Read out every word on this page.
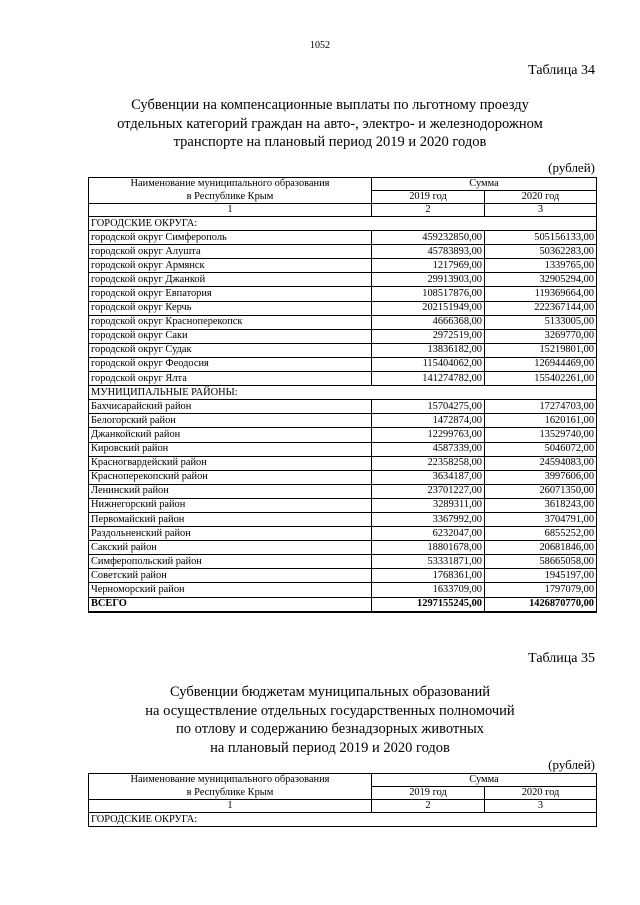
1052
Таблица 34
Субвенции на компенсационные выплаты по льготному проезду
отдельных категорий граждан на авто-, электро- и железнодорожном
транспорте на плановый период 2019 и 2020 годов
(рублей)
Наименование муниципального образования
в Республике Крым	Сумма	
	2019 год	2020 год
1	2	3
ГОРОДСКИЕ ОКРУГА:		
городской округ Симферополь	459232850,00	505156133,00
городской округ Алушта	45783893,00	50362283,00
городской округ Армянск	1217969,00	1339765,00
городской округ Джанкой	29913903,00	32905294,00
городской округ Евпатория	108517876,00	119369664,00
городской округ Керчь	202151949,00	222367144,00
городской округ Красноперекопск	4666368,00	5133005,00
городской округ Саки	2972519,00	3269770,00
городской округ Судак	13836182,00	15219801,00
городской округ Феодосия	115404062,00	126944469,00
городской округ Ялта	141274782,00	155402261,00
МУНИЦИПАЛЬНЫЕ РАЙОНЫ:		
Бахчисарайский район	15704275,00	17274703,00
Белогорский район	1472874,00	1620161,00
Джанкойский район	12299763,00	13529740,00
Кировский район	4587339,00	5046072,00
Красногвардейский район	22358258,00	24594083,00
Красноперекопский район	3634187,00	3997606,00
Ленинский район	23701227,00	26071350,00
Нижнегорский район	3289311,00	3618243,00
Первомайский район	3367992,00	3704791,00
Раздольненский район	6232047,00	6855252,00
Сакский район	18801678,00	20681846,00
Симферопольский район	53331871,00	58665058,00
Советский район	1768361,00	1945197,00
Черноморский район	1633709,00	1797079,00
ВСЕГО	1297155245,00	1426870770,00
Таблица 35
Субвенции бюджетам муниципальных образований
на осуществление отдельных государственных полномочий
по отлову и содержанию безнадзорных животных
на плановый период 2019 и 2020 годов
(рублей)
Наименование муниципального образования
в Республике Крым	Сумма	
	2019 год	2020 год
1	2	3
ГОРОДСКИЕ ОКРУГА:		
